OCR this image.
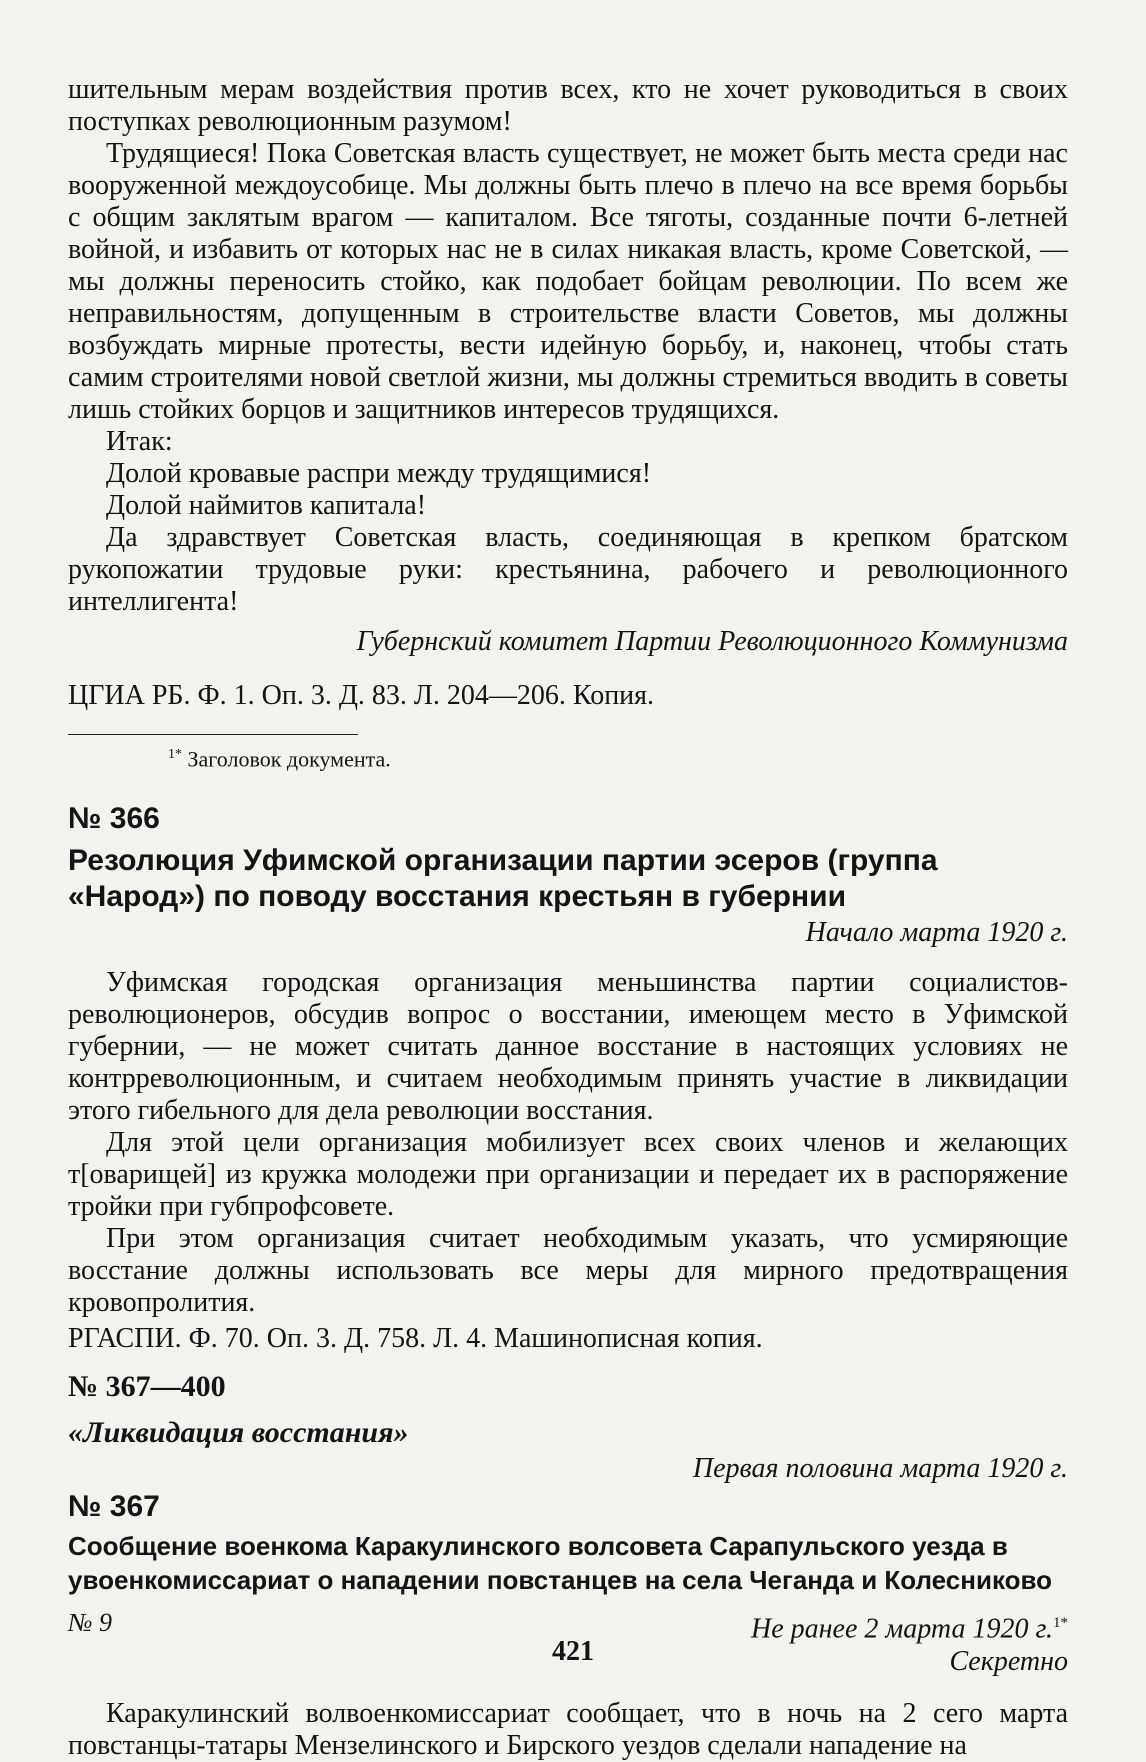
шительным мерам воздействия против всех, кто не хочет руководиться в своих поступках революционным разумом!

Трудящиеся! Пока Советская власть существует, не может быть места среди нас вооруженной междоусобице. Мы должны быть плечо в плечо на все время борьбы с общим заклятым врагом — капиталом. Все тяготы, созданные почти 6-летней войной, и избавить от которых нас не в силах никакая власть, кроме Советской, — мы должны переносить стойко, как подобает бойцам революции. По всем же неправильностям, допущенным в строительстве власти Советов, мы должны возбуждать мирные протесты, вести идейную борьбу, и, наконец, чтобы стать самим строителями новой светлой жизни, мы должны стремиться вводить в советы лишь стойких борцов и защитников интересов трудящихся.

Итак:

Долой кровавые распри между трудящимися!

Долой наймитов капитала!

Да здравствует Советская власть, соединяющая в крепком братском рукопожатии трудовые руки: крестьянина, рабочего и революционного интеллигента!

Губернский комитет Партии Революционного Коммунизма
ЦГИА РБ. Ф. 1. Оп. 3. Д. 83. Л. 204—206. Копия.
$^{1*}$ Заголовок документа.
№ 366
Резолюция Уфимской организации партии эсеров (группа «Народ») по поводу восстания крестьян в губернии
Начало марта 1920 г.

Уфимская городская организация меньшинства партии социалистов-революционеров, обсудив вопрос о восстании, имеющем место в Уфимской губернии, — не может считать данное восстание в настоящих условиях не контрреволюционным, и считаем необходимым принять участие в ликвидации этого гибельного для дела революции восстания.

Для этой цели организация мобилизует всех своих членов и желающих т[оварищей] из кружка молодежи при организации и передает их в распоряжение тройки при губпрофсовете.

При этом организация считает необходимым указать, что усмиряющие восстание должны использовать все меры для мирного предотвращения кровопролития.

РГАСПИ. Ф. 70. Оп. 3. Д. 758. Л. 4. Машинописная копия.
№ 367—400
«Ликвидация восстания»
Первая половина марта 1920 г.
№ 367
Сообщение военкома Каракулинского волсовета Сарапульского уезда в увоенкомиссариат о нападении повстанцев на села Чеганда и Колесниково
№ 9	Не ранее 2 марта 1920 г.$^{1*}$
Секретно

Каракулинский волвоенкомиссариат сообщает, что в ночь на 2 сего марта повстанцы-татары Мензелинского и Бирского уездов сделали нападение на

421
